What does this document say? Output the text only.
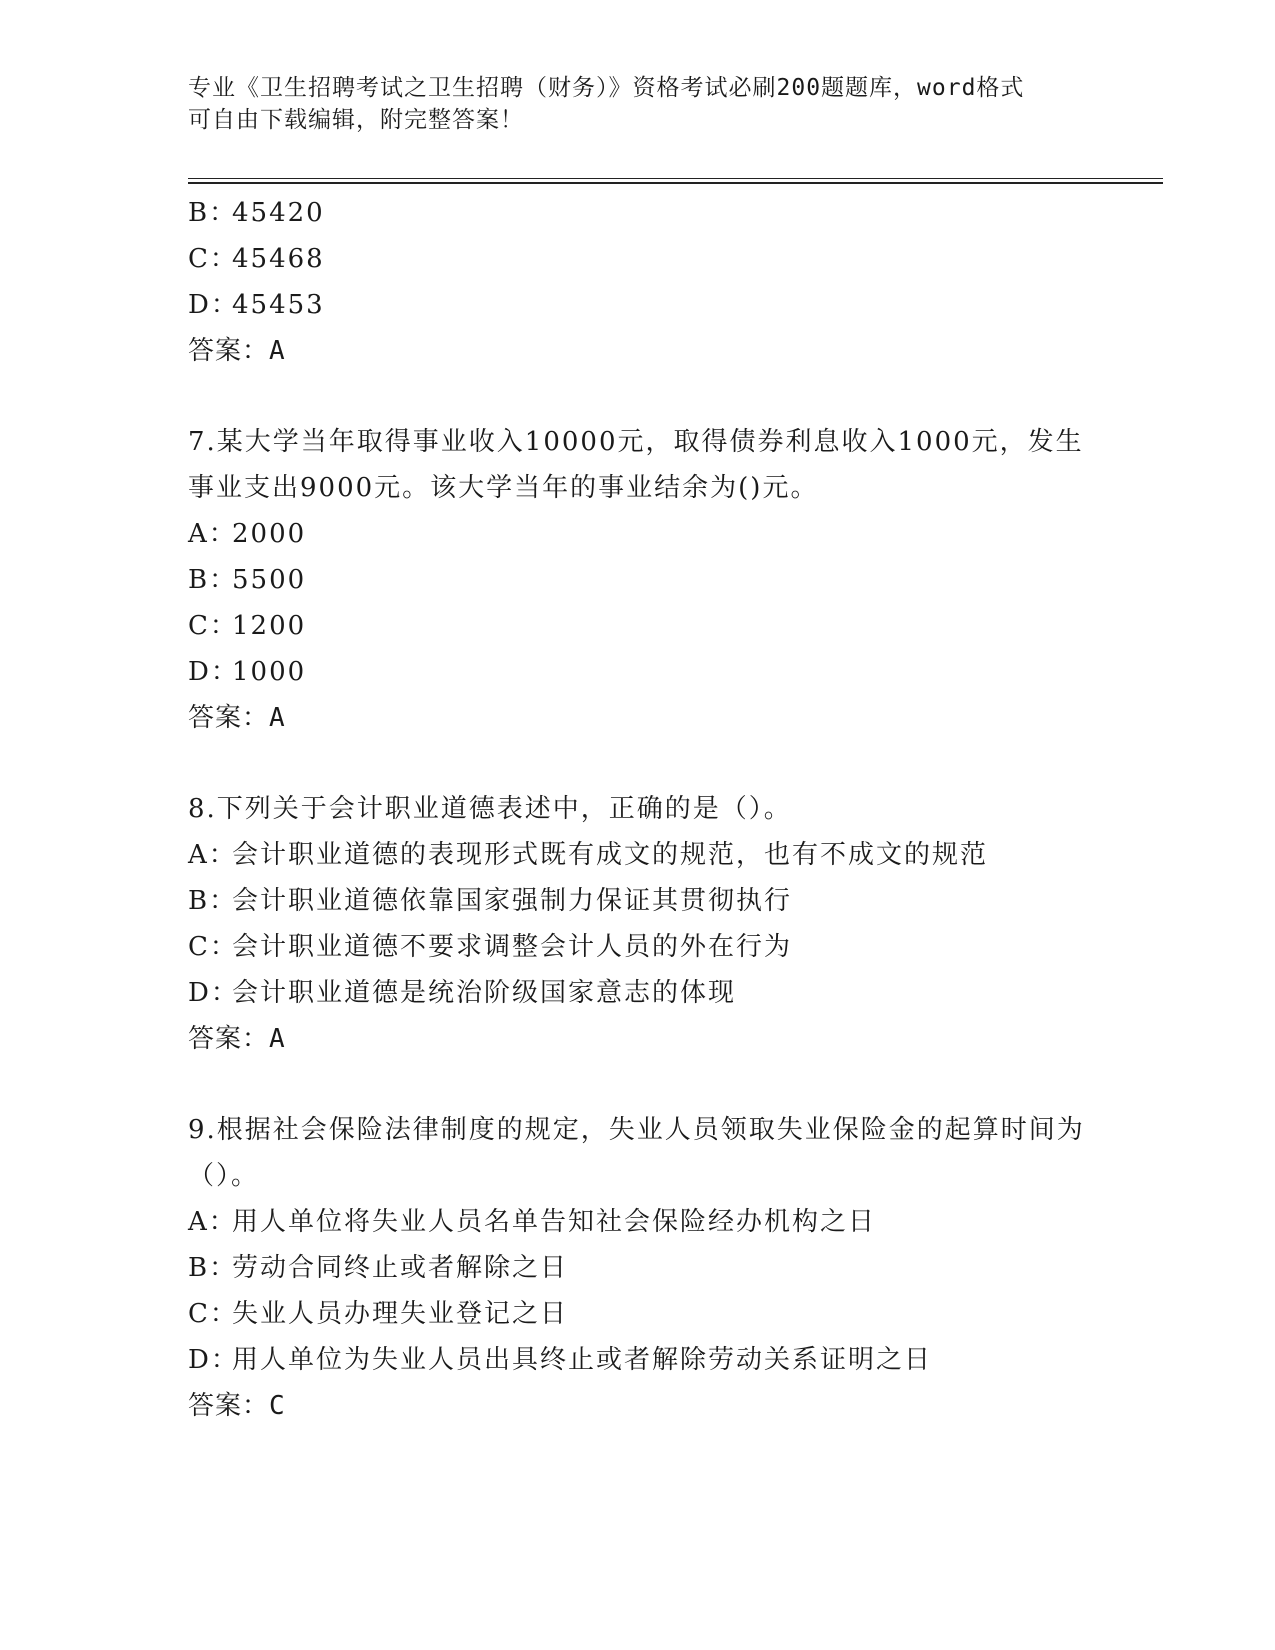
专业《卫生招聘考试之卫生招聘（财务）》资格考试必刷200题题库，word格式
可自由下载编辑，附完整答案！
B：45420
C：45468
D：45453
答案：A
7.某大学当年取得事业收入10000元，取得债券利息收入1000元，发生事业支出9000元。该大学当年的事业结余为()元。
A：2000
B：5500
C：1200
D：1000
答案：A
8.下列关于会计职业道德表述中，正确的是（）。
A：会计职业道德的表现形式既有成文的规范，也有不成文的规范
B：会计职业道德依靠国家强制力保证其贯彻执行
C：会计职业道德不要求调整会计人员的外在行为
D：会计职业道德是统治阶级国家意志的体现
答案：A
9.根据社会保险法律制度的规定，失业人员领取失业保险金的起算时间为（）。
A：用人单位将失业人员名单告知社会保险经办机构之日
B：劳动合同终止或者解除之日
C：失业人员办理失业登记之日
D：用人单位为失业人员出具终止或者解除劳动关系证明之日
答案：C
